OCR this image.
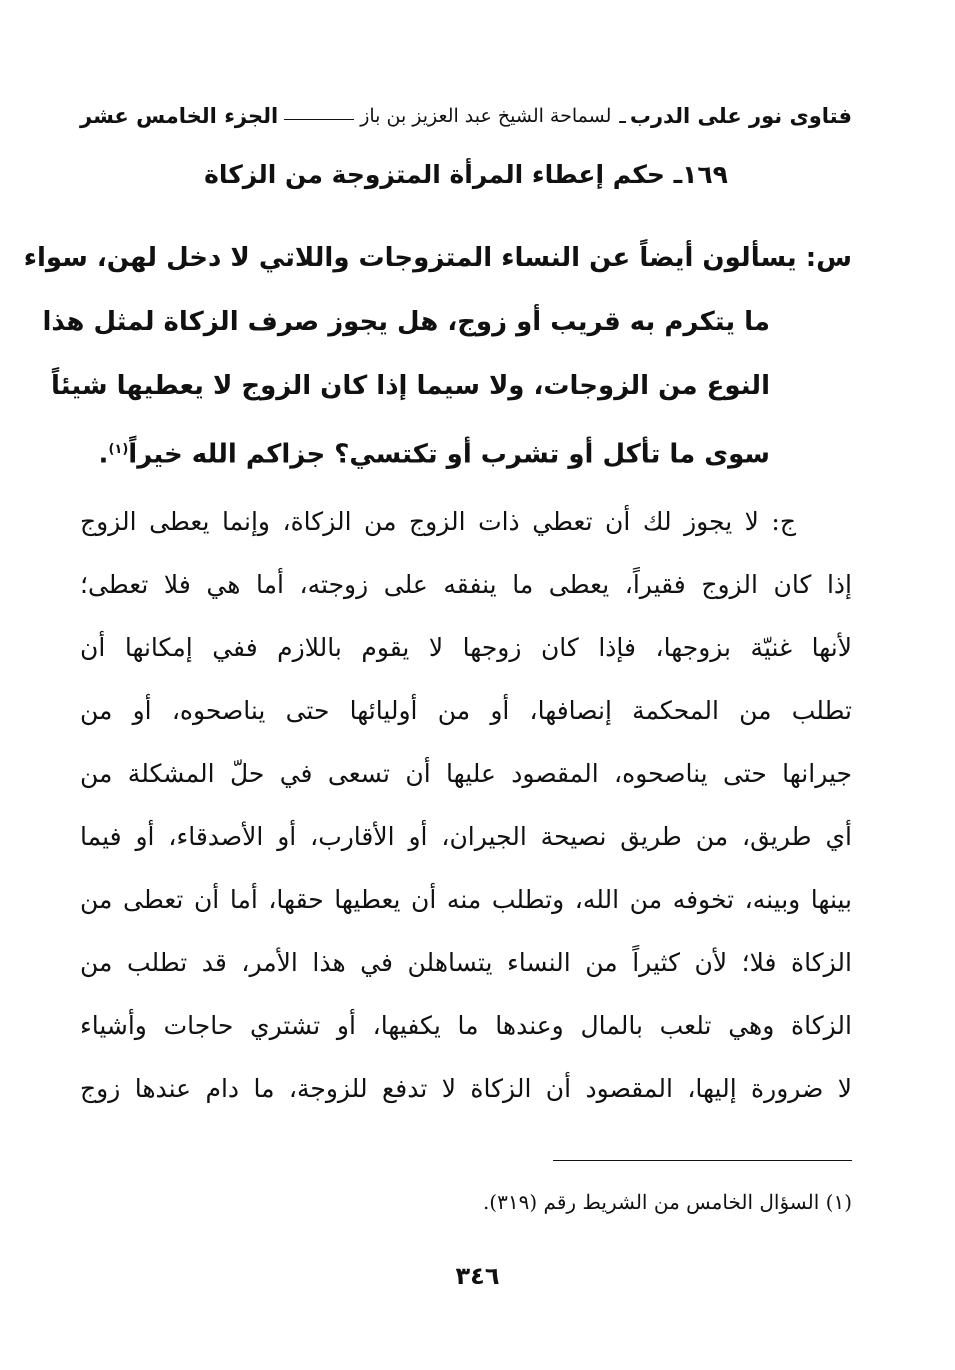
فتاوى نور على الدرب
ـ
لسماحة الشيخ عبد العزيز بن باز
الجزء الخامس عشر
١٦٩ـ حكم إعطاء المرأة المتزوجة من الزكاة
س: يسألون أيضاً عن النساء المتزوجات واللاتي لا دخل لهن، سواء
ما يتكرم به قريب أو زوج، هل يجوز صرف الزكاة لمثل هذا
النوع من الزوجات، ولا سيما إذا كان الزوج لا يعطيها شيئاً
سوى ما تأكل أو تشرب أو تكتسي؟ جزاكم الله خيراً$^{(١)}$.
ج: لا يجوز لك أن تعطي ذات الزوج من الزكاة، وإنما يعطى الزوج
إذا كان الزوج فقيراً، يعطى ما ينفقه على زوجته، أما هي فلا تعطى؛
لأنها غنيّة بزوجها، فإذا كان زوجها لا يقوم باللازم ففي إمكانها أن
تطلب من المحكمة إنصافها، أو من أوليائها حتى يناصحوه، أو من
جيرانها حتى يناصحوه، المقصود عليها أن تسعى في حلّ المشكلة من
أي طريق، من طريق نصيحة الجيران، أو الأقارب، أو الأصدقاء، أو فيما
بينها وبينه، تخوفه من الله، وتطلب منه أن يعطيها حقها، أما أن تعطى من
الزكاة فلا؛ لأن كثيراً من النساء يتساهلن في هذا الأمر، قد تطلب من
الزكاة وهي تلعب بالمال وعندها ما يكفيها، أو تشتري حاجات وأشياء
لا ضرورة إليها، المقصود أن الزكاة لا تدفع للزوجة، ما دام عندها زوج
(١) السؤال الخامس من الشريط رقم (٣١٩).
٣٤٦
